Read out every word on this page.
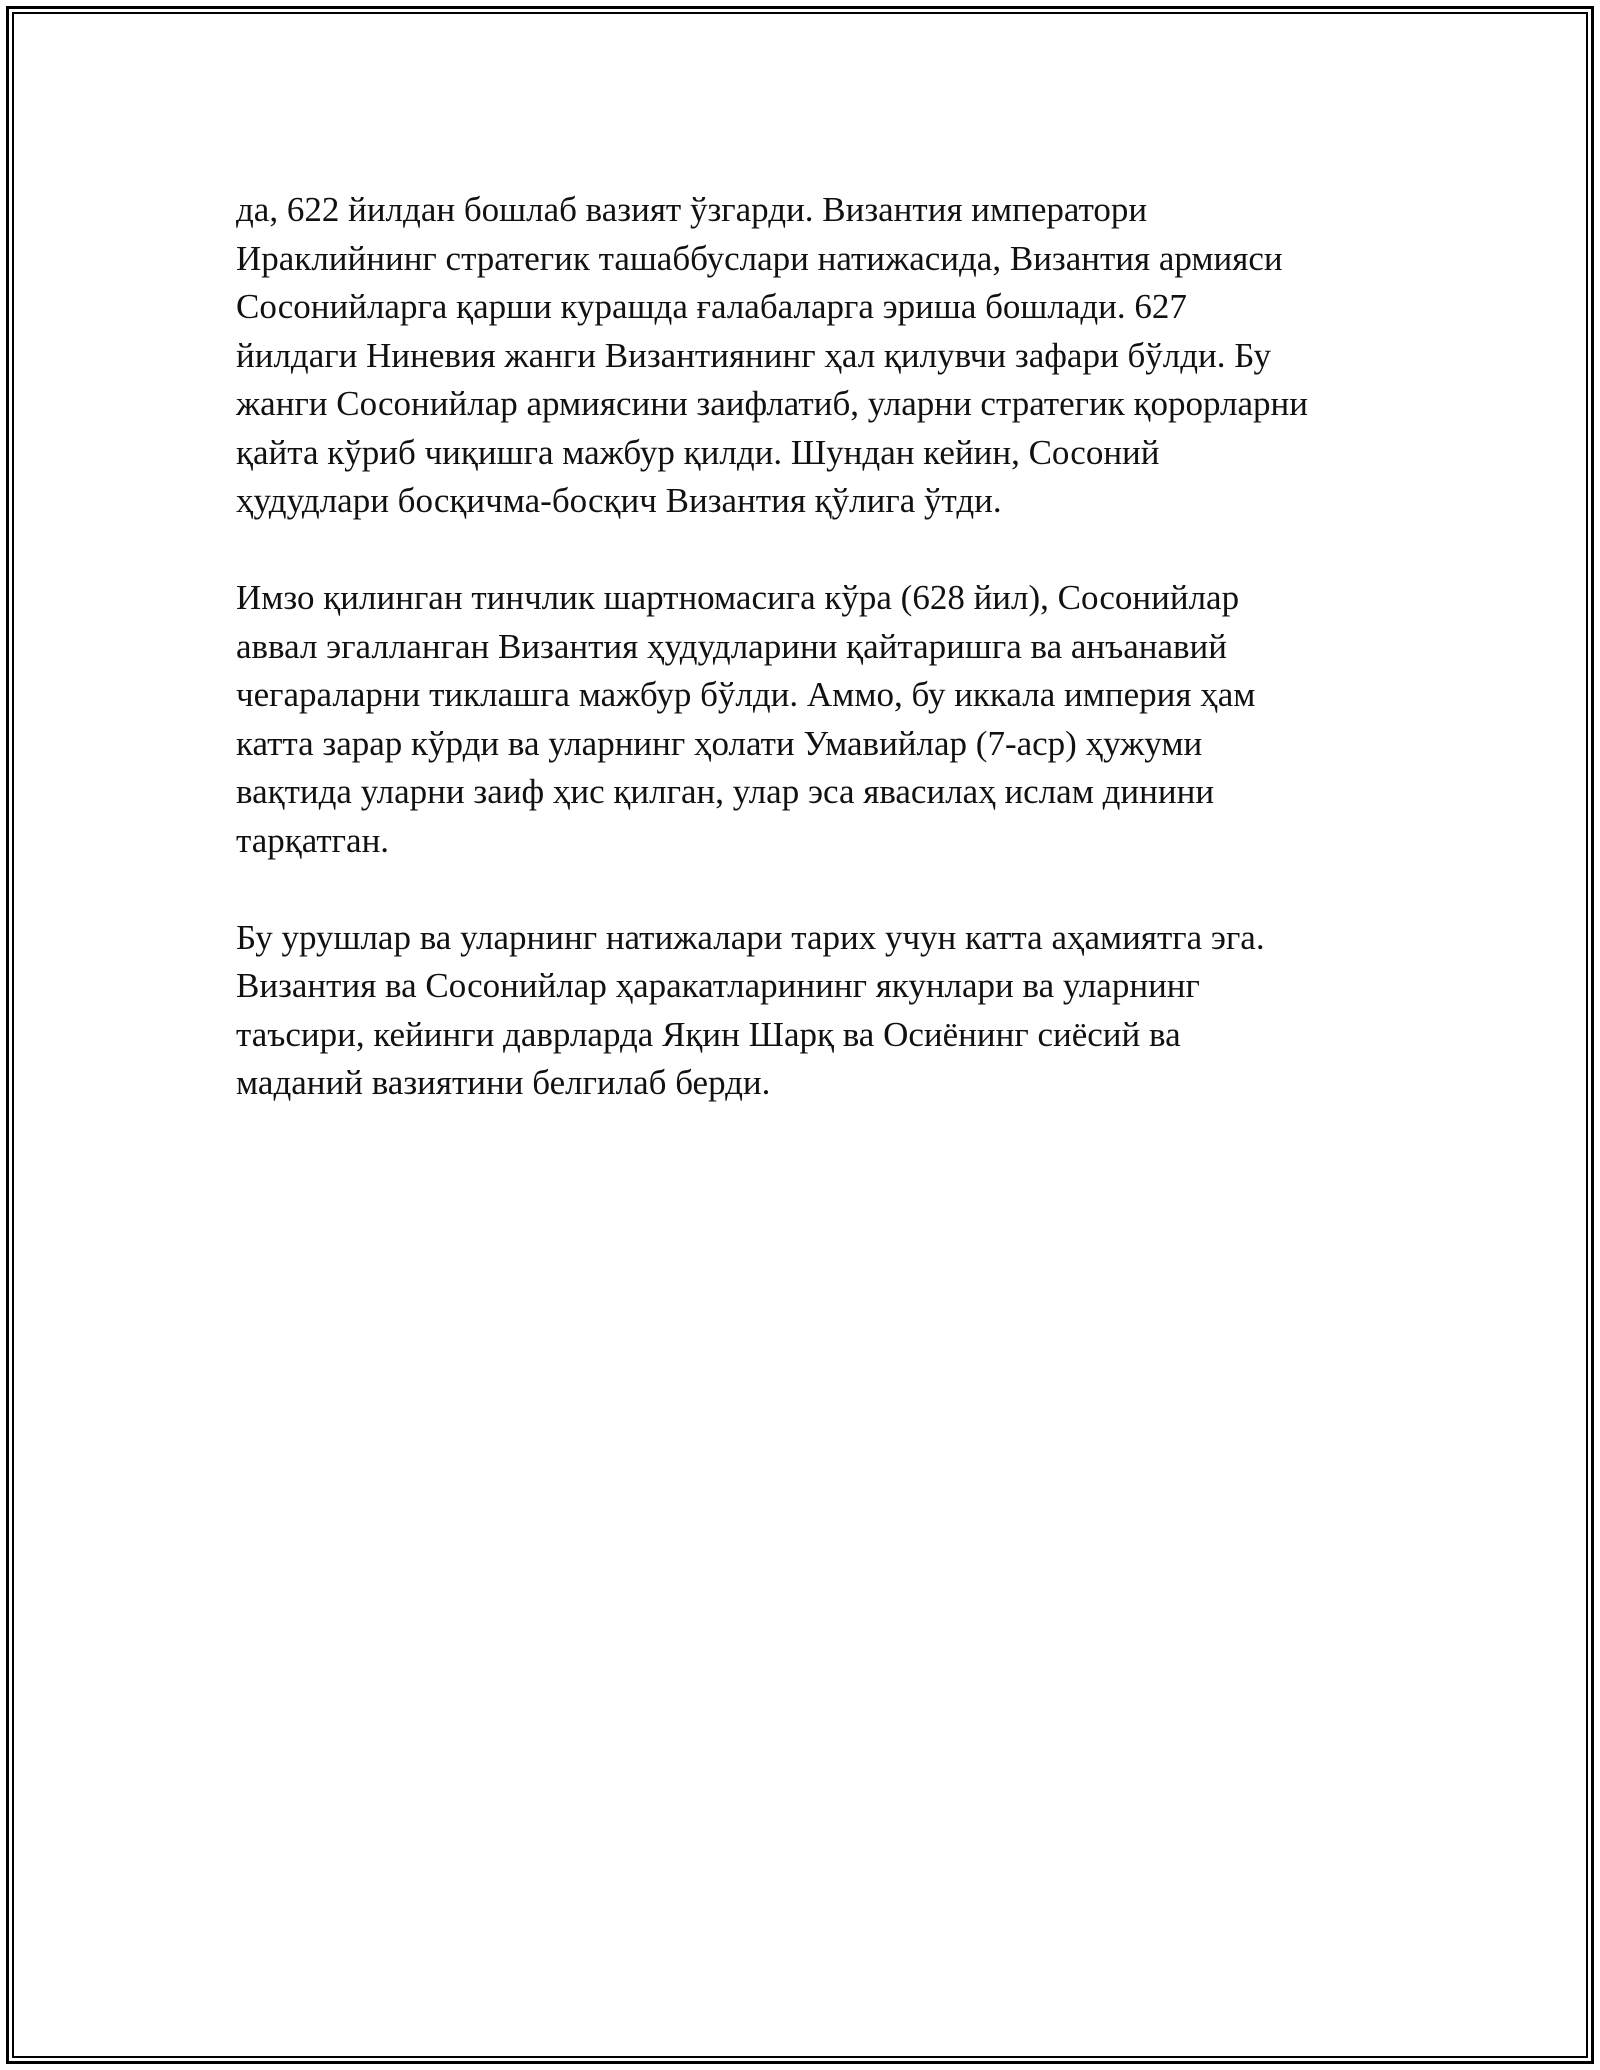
да, 622 йилдан бошлаб вазият ўзгарди. Византия императори
Ираклийнинг стратегик ташаббуслари натижасида, Византия армияси
Сосонийларга қарши курашда ғалабаларга эриша бошлади. 627
йилдаги Ниневия жанги Византиянинг ҳал қилувчи зафари бўлди. Бу
жанги Сосонийлар армиясини заифлатиб, уларни стратегик қорорларни
қайта кўриб чиқишга мажбур қилди. Шундан кейин, Сосоний
ҳудудлари босқичма-босқич Византия қўлига ўтди.

Имзо қилинган тинчлик шартномасига кўра (628 йил), Сосонийлар
аввал эгалланган Византия ҳудудларини қайтаришга ва анъанавий
чегараларни тиклашга мажбур бўлди. Аммо, бу иккала империя ҳам
катта зарар кўрди ва уларнинг ҳолати Умавийлар (7-аср) ҳужуми
вақтида уларни заиф ҳис қилган, улар эса явасилаҳ ислам динини
тарқатган.

Бу урушлар ва уларнинг натижалари тарих учун катта аҳамиятга эга.
Византия ва Сосонийлар ҳаракатларининг якунлари ва уларнинг
таъсири, кейинги даврларда Яқин Шарқ ва Осиёнинг сиёсий ва
маданий вазиятини белгилаб берди.
